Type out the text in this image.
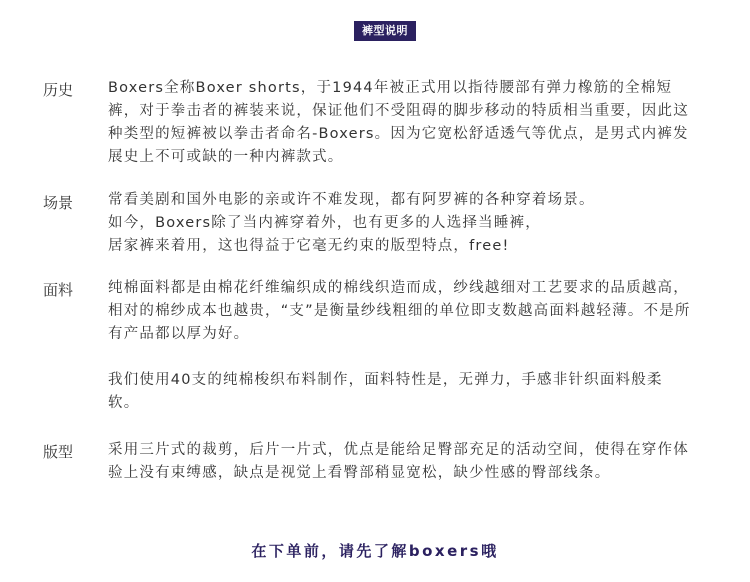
裤型说明
历史 Boxers全称Boxer shorts，于1944年被正式用以指待腰部有弹力橡筋的全棉短裤，对于拳击者的裤装来说，保证他们不受阻碍的脚步移动的特质相当重要，因此这种类型的短裤被以拳击者命名-Boxers。因为它宽松舒适透气等优点，是男式内裤发展史上不可或缺的一种内裤款式。

场景 常看美剧和国外电影的亲或许不难发现，都有阿罗裤的各种穿着场景。

如今，Boxers除了当内裤穿着外，也有更多的人选择当睡裤，

居家裤来着用，这也得益于它毫无约束的版型特点，free!

面料 纯棉面料都是由棉花纤维编织成的棉线织造而成，纱线越细对工艺要求的品质越高，相对的棉纱成本也越贵，“支”是衡量纱线粗细的单位即支数越高面料越轻薄。不是所有产品都以厚为好。

我们使用40支的纯棉梭织布料制作，面料特性是，无弹力，手感非针织面料般柔软。

版型 采用三片式的裁剪，后片一片式，优点是能给足臀部充足的活动空间，使得在穿作体验上没有束缚感，缺点是视觉上看臀部稍显宽松，缺少性感的臀部线条。

在下单前，请先了解boxers哦
